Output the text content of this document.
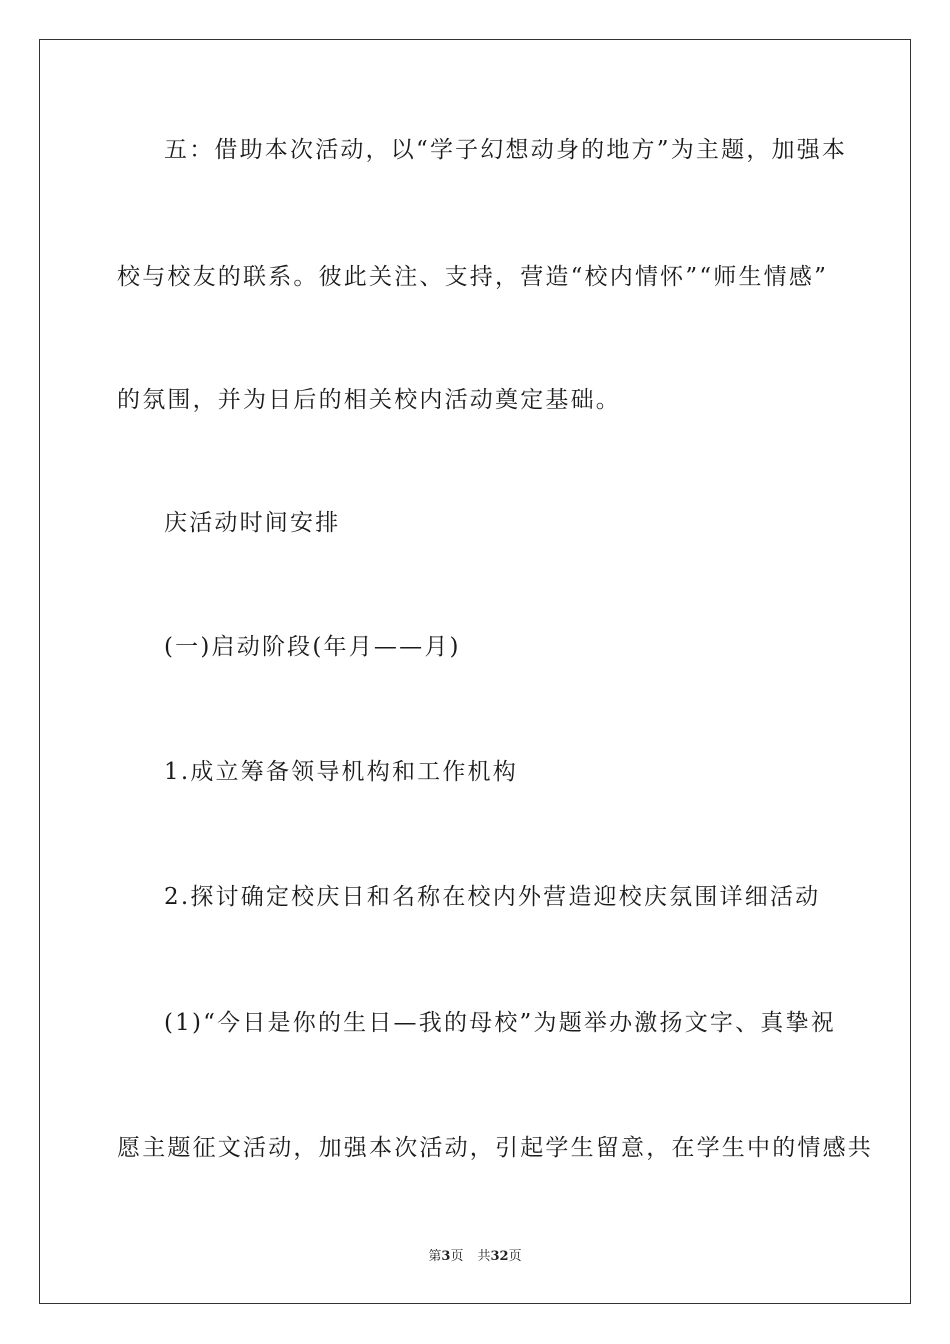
五：借助本次活动，以“学子幻想动身的地方”为主题，加强本
校与校友的联系。彼此关注、支持，营造“校内情怀”“师生情感”
的氛围，并为日后的相关校内活动奠定基础。
庆活动时间安排
(一)启动阶段(年月——月)
1.成立筹备领导机构和工作机构
2.探讨确定校庆日和名称在校内外营造迎校庆氛围详细活动
(1)“今日是你的生日—我的母校”为题举办激扬文字、真挚祝
愿主题征文活动，加强本次活动，引起学生留意，在学生中的情感共
第3页 共32页
